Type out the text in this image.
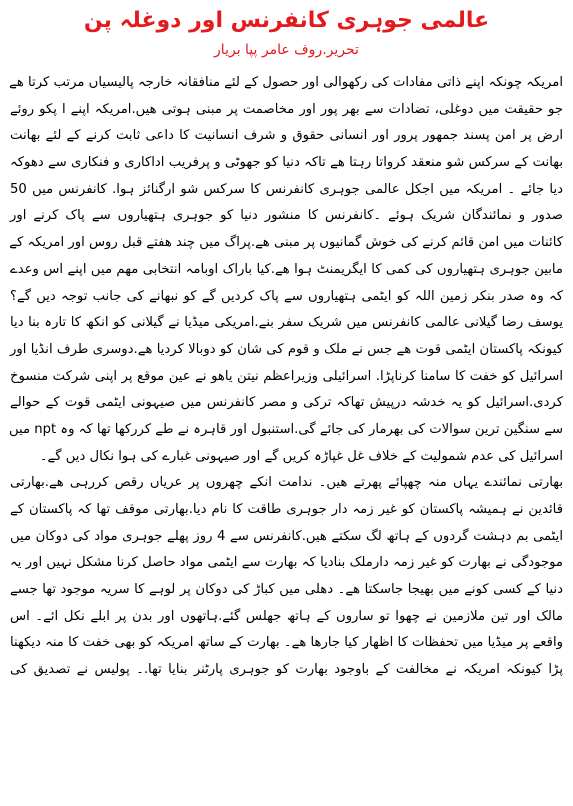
عالمی جوہری کانفرنس اور دوغلہ پن
تحریر.روف عامر پپا بریار
امریکہ چونکہ اپنے ذاتی مفادات کی رکھوالی اور حصول کے لئے منافقانہ خارجہ پالیسیاں مرتب کرتا ھے
جو حقیقت میں دوغلی، تضادات سے بھر پور اور مخاصمت پر مبنی ہوتی ھیں.امریکہ اپنے ا پکو روئے
ارض پر امن پسند جمھور پرور اور انسانی حقوق و شرف انسانیت کا داعی ثابت کرنے کے لئے بھانت
بھانت کے سرکس شو منعقد کرواتا رہتا ھے تاکہ دنیا کو جھوٹی و پرفریب اداکاری و فنکاری سے دھوکہ
دیا جائے ۔ امریکہ میں اجکل عالمی جوہری کانفرنس کا سرکس شو ارگنائز ہوا. کانفرنس میں 50
صدور و نمائندگان شریک ہوئے ۔کانفرنس کا منشور دنیا کو جوہری ہتھیاروں سے پاک کرنے اور
کائنات میں امن قائم کرنے کی خوش گمانیوں پر مبنی ھے.پراگ میں چند ھفتے قبل روس اور امریکہ کے
مابین جوہری ہتھیاروں کی کمی کا ایگریمنٹ ہوا ھے.کیا باراک اوبامہ انتخابی مھم میں اپنے اس وعدے
کہ وہ صدر بنکر زمین اللہ کو ایٹمی ہتھیاروں سے پاک کردیں گے کو نبھانے کی جانب توجہ دیں گے؟
یوسف رضا گیلانی عالمی کانفرنس میں شریک سفر بنے.امریکی میڈیا نے گیلانی کو انکھ کا تارہ بنا دیا
کیونکہ پاکستان ایٹمی قوت ھے جس نے ملک و قوم کی شان کو دوبالا کردیا ھے.دوسری طرف انڈیا اور
اسرائیل کو خفت کا سامنا کرناپڑا. اسرائیلی وزیراعظم نیتن یاھو نے عین موقع پر اپنی شرکت منسوخ
کردی.اسرائیل کو یہ خدشہ درپیش تھاکہ ترکی و مصر کانفرنس میں صیہونی ایٹمی قوت کے حوالے
سے سنگین ترین سوالات کی بھرمار کی جائے گی.استنبول اور قاہرہ نے طے کررکھا تھا کہ وہ npt میں
اسرائیل کی عدم شمولیت کے خلاف غل غپاڑہ کریں گے اور صیہونی غبارے کی ہوا نکال دیں گے۔
بھارتی نمائندے یہاں منہ چھپائے پھرتے ھیں۔ ندامت انکے چھروں پر عریاں رقص کررہی ھے.بھارتی
قائدین نے ہمیشہ پاکستان کو غیر زمہ دار جوہری طاقت کا نام دیا.بھارتی موقف تھا کہ پاکستان کے
ایٹمی بم دہشت گردوں کے ہاتھ لگ سکتے ھیں.کانفرنس سے 4 روز پھلے جوہری مواد کی دوکان میں
موجودگی نے بھارت کو غیر زمہ دارملک بنادیا کہ بھارت سے ایٹمی مواد حاصل کرنا مشکل نہیں اور یہ
دنیا کے کسی کونے میں بھیجا جاسکتا ھے۔ دھلی میں کباڑ کی دوکان پر لوہے کا سریہ موجود تھا جسے
مالک اور تین ملازمین نے چھوا تو ساروں کے ہاتھ جھلس گئے.ہاتھوں اور بدن پر ابلے نکل ائے۔ اس
واقعے پر میڈیا میں تحفظات کا اظھار کیا جارھا ھے۔ بھارت کے ساتھ امریکہ کو بھی خفت کا منہ دیکھنا
پڑا کیونکہ امریکہ نے مخالفت کے باوجود بھارت کو جوہری پارٹنر بنایا تھا.۔ پولیس نے تصدیق کی
